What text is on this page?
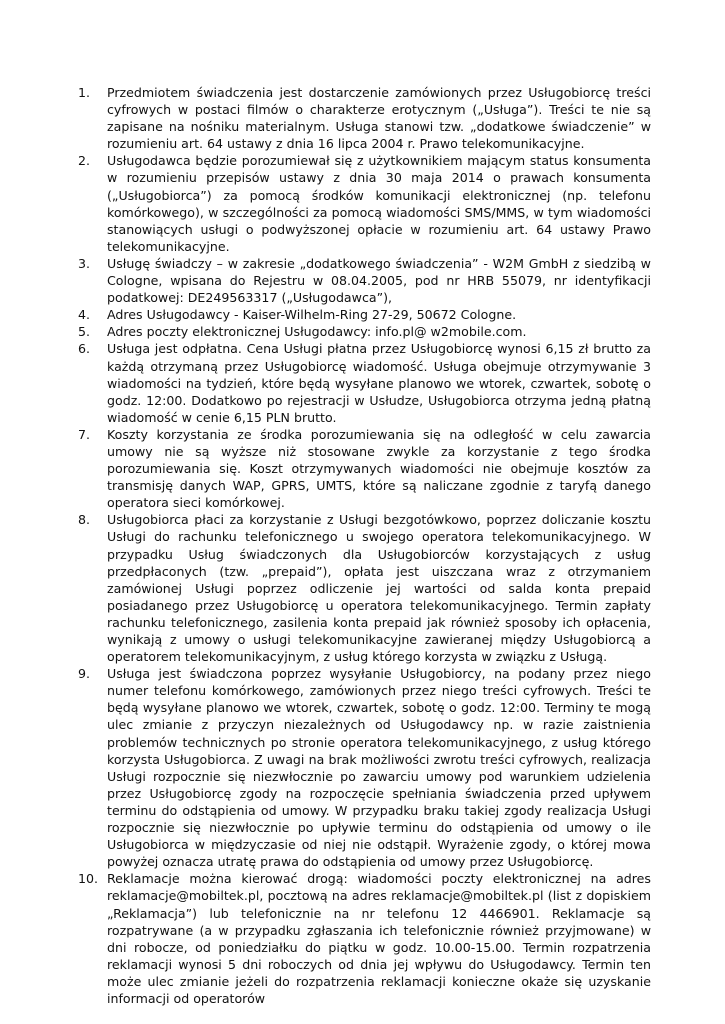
1.	Przedmiotem świadczenia jest dostarczenie zamówionych przez Usługobiorcę treści cyfrowych w postaci filmów o charakterze erotycznym („Usługa”). Treści te nie są zapisane na nośniku materialnym. Usługa stanowi tzw. „dodatkowe świadczenie” w rozumieniu art. 64 ustawy z dnia 16 lipca 2004 r. Prawo telekomunikacyjne.
2.	Usługodawca będzie porozumiewał się z użytkownikiem mającym status konsumenta w rozumieniu przepisów ustawy z dnia 30 maja 2014 o prawach konsumenta („Usługobiorca”) za pomocą środków komunikacji elektronicznej (np. telefonu komórkowego), w szczególności za pomocą wiadomości SMS/MMS, w tym wiadomości stanowiących usługi o podwyższonej opłacie w rozumieniu art. 64 ustawy Prawo telekomunikacyjne.
3.	Usługę świadczy – w zakresie „dodatkowego świadczenia” - W2M GmbH z siedzibą w Cologne, wpisana do Rejestru w 08.04.2005, pod nr HRB 55079, nr identyfikacji podatkowej: DE249563317 („Usługodawca”),
4.	Adres Usługodawcy - Kaiser-Wilhelm-Ring 27-29, 50672 Cologne.
5.	Adres poczty elektronicznej Usługodawcy: info.pl@ w2mobile.com.
6.	Usługa jest odpłatna. Cena Usługi płatna przez Usługobiorcę wynosi 6,15 zł brutto za każdą otrzymaną przez Usługobiorcę wiadomość. Usługa obejmuje otrzymywanie 3 wiadomości na tydzień, które będą wysyłane planowo we wtorek, czwartek, sobotę o godz. 12:00. Dodatkowo po rejestracji w Usłudze, Usługobiorca otrzyma jedną płatną wiadomość w cenie 6,15 PLN brutto.
7.	Koszty korzystania ze środka porozumiewania się na odległość w celu zawarcia umowy nie są wyższe niż stosowane zwykle za korzystanie z tego środka porozumiewania się. Koszt otrzymywanych wiadomości nie obejmuje kosztów za transmisję danych WAP, GPRS, UMTS, które są naliczane zgodnie z taryfą danego operatora sieci komórkowej.
8.	Usługobiorca płaci za korzystanie z Usługi bezgotówkowo, poprzez doliczanie kosztu Usługi do rachunku telefonicznego u swojego operatora telekomunikacyjnego. W przypadku Usług świadczonych dla Usługobiorców korzystających z usług przedpłaconych (tzw. „prepaid”), opłata jest uiszczana wraz z otrzymaniem zamówionej Usługi poprzez odliczenie jej wartości od salda konta prepaid posiadanego przez Usługobiorcę u operatora telekomunikacyjnego. Termin zapłaty rachunku telefonicznego, zasilenia konta prepaid jak również sposoby ich opłacenia, wynikają z umowy o usługi telekomunikacyjne zawieranej między Usługobiorcą a operatorem telekomunikacyjnym, z usług którego korzysta w związku z Usługą.
9.	Usługa jest świadczona poprzez wysyłanie Usługobiorcy, na podany przez niego numer telefonu komórkowego, zamówionych przez niego treści cyfrowych. Treści te będą wysyłane planowo we wtorek, czwartek, sobotę o godz. 12:00. Terminy te mogą ulec zmianie z przyczyn niezależnych od Usługodawcy np. w razie zaistnienia problemów technicznych po stronie operatora telekomunikacyjnego, z usług którego korzysta Usługobiorca. Z uwagi na brak możliwości zwrotu treści cyfrowych, realizacja Usługi rozpocznie się niezwłocznie po zawarciu umowy pod warunkiem udzielenia przez Usługobiorcę zgody na rozpoczęcie spełniania świadczenia przed upływem terminu do odstąpienia od umowy. W przypadku braku takiej zgody realizacja Usługi rozpocznie się niezwłocznie po upływie terminu do odstąpienia od umowy o ile Usługobiorca w międzyczasie od niej nie odstąpił. Wyrażenie zgody, o której mowa powyżej oznacza utratę prawa do odstąpienia od umowy przez Usługobiorcę.
10. Reklamacje można kierować drogą: wiadomości poczty elektronicznej na adres reklamacje@mobiltek.pl, pocztową na adres reklamacje@mobiltek.pl (list z dopiskiem „Reklamacja”) lub telefonicznie na nr telefonu 12 4466901. Reklamacje są rozpatrywane (a w przypadku zgłaszania ich telefonicznie również przyjmowane) w dni robocze, od poniedziałku do piątku w godz. 10.00-15.00. Termin rozpatrzenia reklamacji wynosi 5 dni roboczych od dnia jej wpływu do Usługodawcy. Termin ten może ulec zmianie jeżeli do rozpatrzenia reklamacji konieczne okaże się uzyskanie informacji od operatorów
